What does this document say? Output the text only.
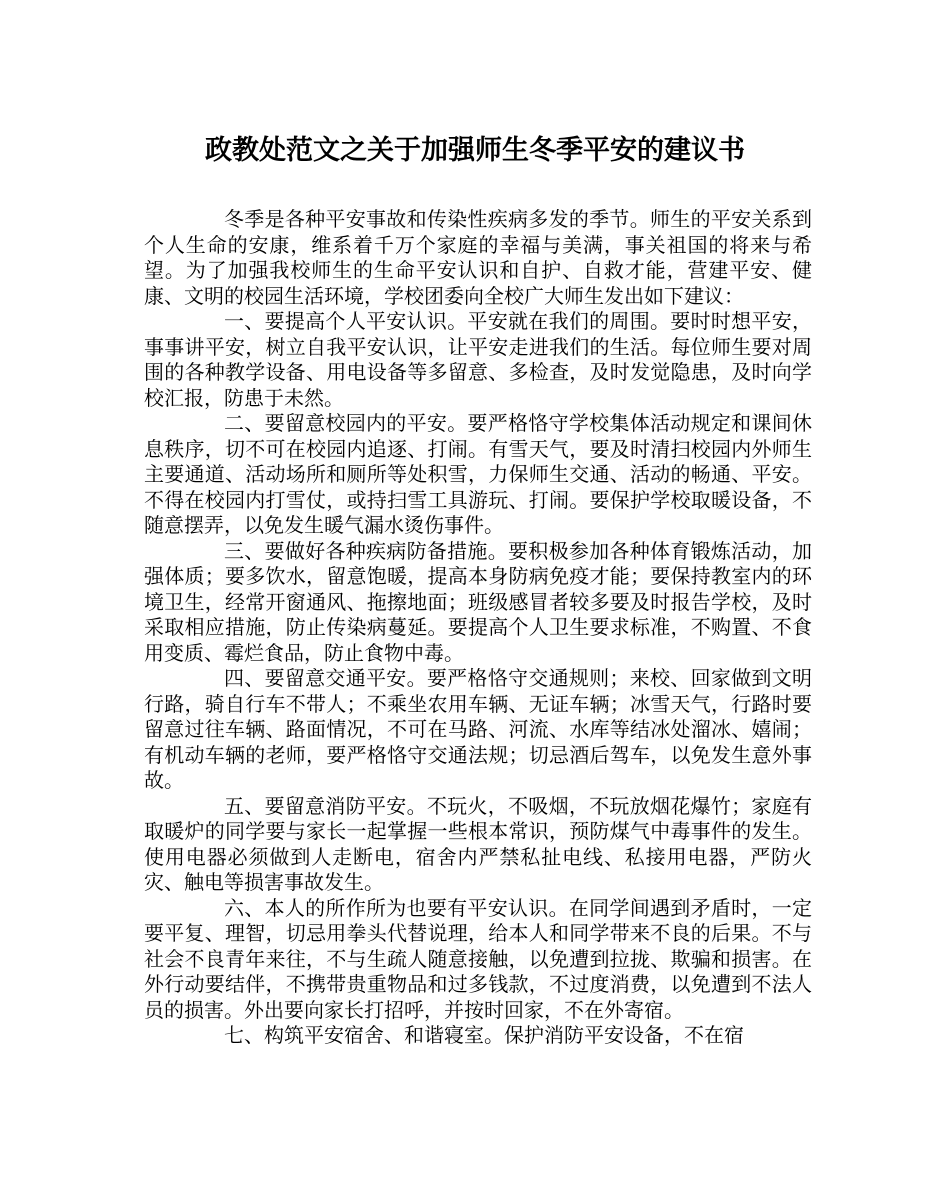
政教处范文之关于加强师生冬季平安的建议书

冬季是各种平安事故和传染性疾病多发的季节。师生的平安关系到个人生命的安康，维系着千万个家庭的幸福与美满，事关祖国的将来与希望。为了加强我校师生的生命平安认识和自护、自救才能，营建平安、健康、文明的校园生活环境，学校团委向全校广大师生发出如下建议：

一、要提高个人平安认识。平安就在我们的周围。要时时想平安，事事讲平安，树立自我平安认识，让平安走进我们的生活。每位师生要对周围的各种教学设备、用电设备等多留意、多检查，及时发觉隐患，及时向学校汇报，防患于未然。

二、要留意校园内的平安。要严格恪守学校集体活动规定和课间休息秩序，切不可在校园内追逐、打闹。有雪天气，要及时清扫校园内外师生主要通道、活动场所和厕所等处积雪，力保师生交通、活动的畅通、平安。不得在校园内打雪仗，或持扫雪工具游玩、打闹。要保护学校取暖设备，不随意摆弄，以免发生暖气漏水烫伤事件。

三、要做好各种疾病防备措施。要积极参加各种体育锻炼活动，加强体质；要多饮水，留意饱暖，提高本身防病免疫才能；要保持教室内的环境卫生，经常开窗通风、拖擦地面；班级感冒者较多要及时报告学校，及时采取相应措施，防止传染病蔓延。要提高个人卫生要求标准，不购置、不食用变质、霉烂食品，防止食物中毒。

四、要留意交通平安。要严格恪守交通规则；来校、回家做到文明行路，骑自行车不带人；不乘坐农用车辆、无证车辆；冰雪天气，行路时要留意过往车辆、路面情况，不可在马路、河流、水库等结冰处溜冰、嬉闹；有机动车辆的老师，要严格恪守交通法规；切忌酒后驾车，以免发生意外事故。

五、要留意消防平安。不玩火，不吸烟，不玩放烟花爆竹；家庭有取暖炉的同学要与家长一起掌握一些根本常识，预防煤气中毒事件的发生。使用电器必须做到人走断电，宿舍内严禁私扯电线、私接用电器，严防火灾、触电等损害事故发生。

六、本人的所作所为也要有平安认识。在同学间遇到矛盾时，一定要平复、理智，切忌用拳头代替说理，给本人和同学带来不良的后果。不与社会不良青年来往，不与生疏人随意接触，以免遭到拉拢、欺骗和损害。在外行动要结伴，不携带贵重物品和过多钱款，不过度消费，以免遭到不法人员的损害。外出要向家长打招呼，并按时回家，不在外寄宿。

七、构筑平安宿舍、和谐寝室。保护消防平安设备，不在宿
